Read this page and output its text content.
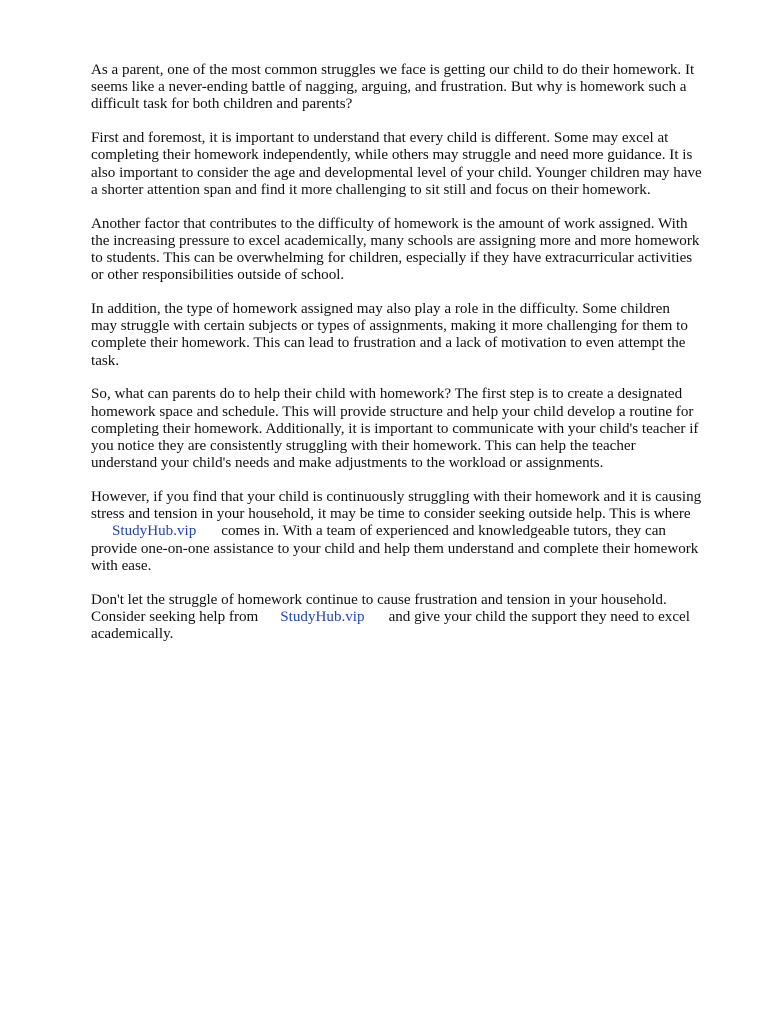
As a parent, one of the most common struggles we face is getting our child to do their homework. It
seems like a never-ending battle of nagging, arguing, and frustration. But why is homework such a
difficult task for both children and parents?

First and foremost, it is important to understand that every child is different. Some may excel at
completing their homework independently, while others may struggle and need more guidance. It is
also important to consider the age and developmental level of your child. Younger children may have
a shorter attention span and find it more challenging to sit still and focus on their homework.

Another factor that contributes to the difficulty of homework is the amount of work assigned. With
the increasing pressure to excel academically, many schools are assigning more and more homework
to students. This can be overwhelming for children, especially if they have extracurricular activities
or other responsibilities outside of school.

In addition, the type of homework assigned may also play a role in the difficulty. Some children
may struggle with certain subjects or types of assignments, making it more challenging for them to
complete their homework. This can lead to frustration and a lack of motivation to even attempt the
task.

So, what can parents do to help their child with homework? The first step is to create a designated
homework space and schedule. This will provide structure and help your child develop a routine for
completing their homework. Additionally, it is important to communicate with your child's teacher if
you notice they are consistently struggling with their homework. This can help the teacher
understand your child's needs and make adjustments to the workload or assignments.

However, if you find that your child is continuously struggling with their homework and it is causing
stress and tension in your household, it may be time to consider seeking outside help. This is where
StudyHub.vip comes in. With a team of experienced and knowledgeable tutors, they can
provide one-on-one assistance to your child and help them understand and complete their homework
with ease.

Don't let the struggle of homework continue to cause frustration and tension in your household.
Consider seeking help from StudyHub.vip and give your child the support they need to excel
academically.
